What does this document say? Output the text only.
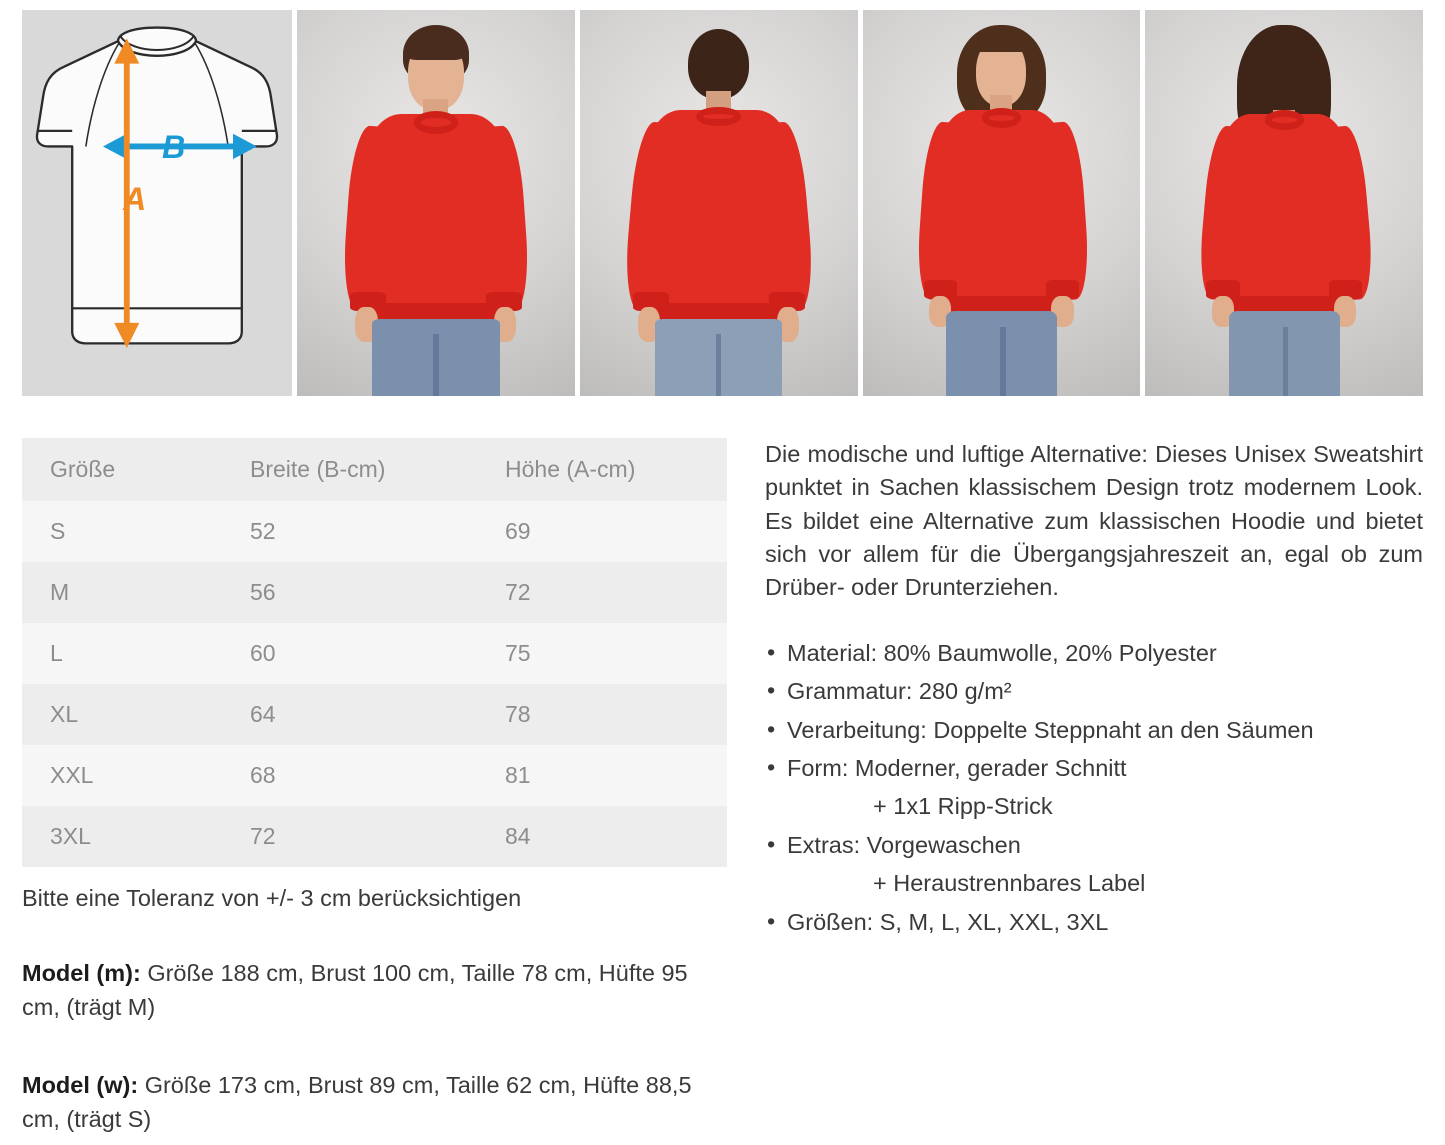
B
A
Größe	Breite (B-cm)	Höhe (A-cm)
S	52	69
M	56	72
L	60	75
XL	64	78
XXL	68	81
3XL	72	84
Bitte eine Toleranz von +/- 3 cm berücksichtigen
Model (m): Größe 188 cm, Brust 100 cm, Taille 78 cm, Hüfte 95 cm, (trägt M)
Model (w): Größe 173 cm, Brust 89 cm, Taille 62 cm, Hüfte 88,5 cm, (trägt S)

Die modische und luftige Alternative: Dieses Unisex Sweatshirt punktet in Sachen klassischem Design trotz modernem Look. Es bildet eine Alternative zum klassischen Hoodie und bietet sich vor allem für die Übergangsjahreszeit an, egal ob zum Drüber- oder Drunterziehen.

• Material: 80% Baumwolle, 20% Polyester
• Grammatur: 280 g/m²
• Verarbeitung: Doppelte Steppnaht an den Säumen
• Form: Moderner, gerader Schnitt
+ 1x1 Ripp-Strick
• Extras: Vorgewaschen
+ Heraustrennbares Label
• Größen: S, M, L, XL, XXL, 3XL
